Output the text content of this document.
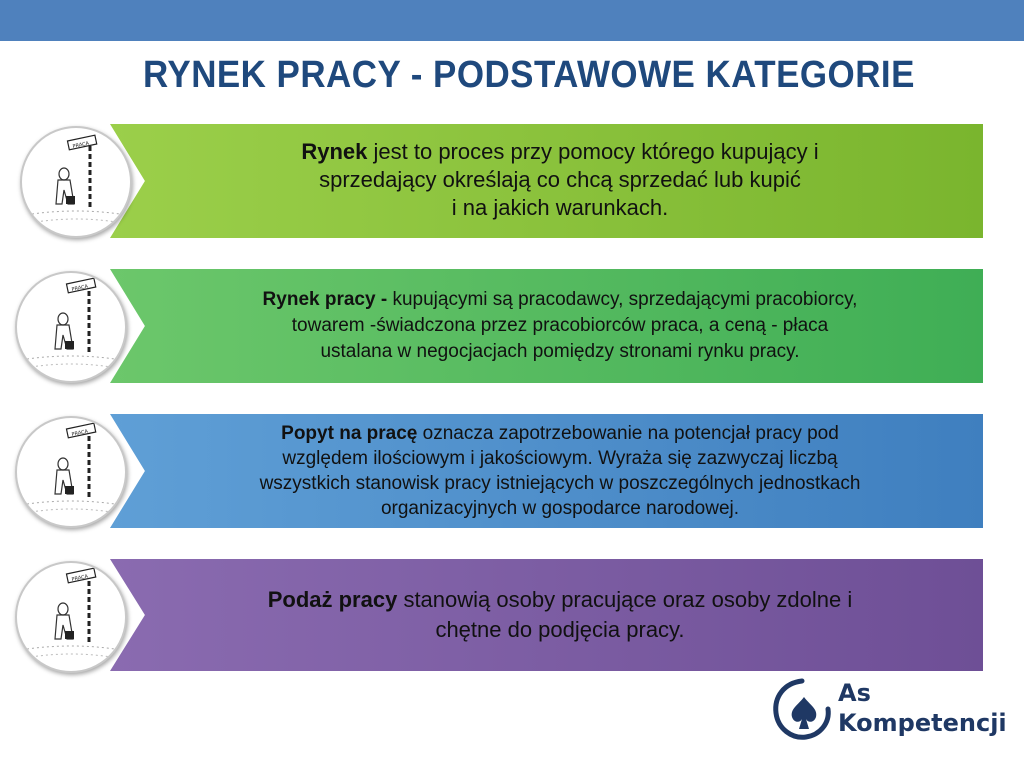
RYNEK PRACY - PODSTAWOWE KATEGORIE
Rynek jest to proces przy pomocy którego kupujący i
sprzedający określają co chcą sprzedać lub kupić
i na jakich warunkach.
Rynek pracy - kupującymi są pracodawcy, sprzedającymi pracobiorcy,
towarem -świadczona przez pracobiorców praca, a ceną - płaca
ustalana w negocjacjach pomiędzy stronami rynku pracy.
Popyt na pracę oznacza zapotrzebowanie na potencjał pracy pod
względem ilościowym i jakościowym. Wyraża się zazwyczaj liczbą
wszystkich stanowisk pracy istniejących w poszczególnych jednostkach
organizacyjnych w gospodarce narodowej.
Podaż pracy stanowią osoby pracujące oraz osoby zdolne i
chętne do podjęcia pracy.
PRACA
PRACA
PRACA
PRACA
As
Kompetencji
